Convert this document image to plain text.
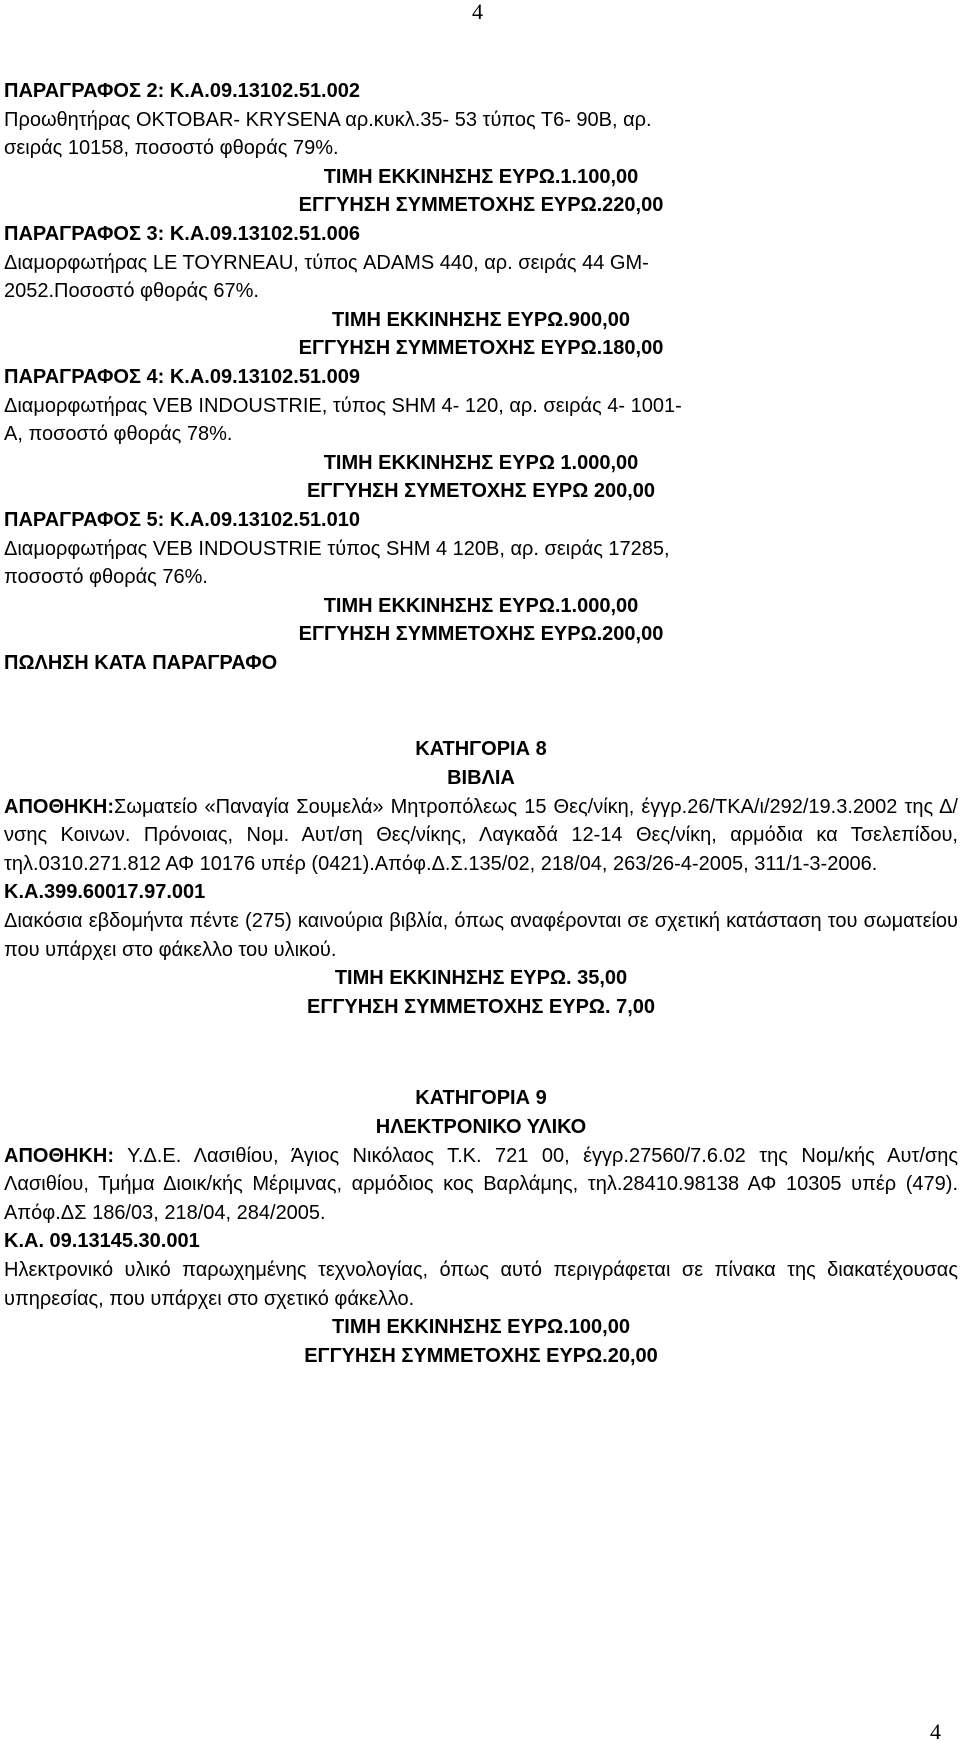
4
ΠΑΡΑΓΡΑΦΟΣ 2: Κ.Α.09.13102.51.002
Προωθητήρας OKTOBAR- KRYSENA αρ.κυκλ.35- 53 τύπος Τ6- 90Β, αρ.
σειράς 10158, ποσοστό φθοράς 79%.
ΤΙΜΗ ΕΚΚΙΝΗΣΗΣ ΕΥΡΩ.1.100,00
ΕΓΓΥΗΣΗ ΣΥΜΜΕΤΟΧΗΣ ΕΥΡΩ.220,00
ΠΑΡΑΓΡΑΦΟΣ 3: Κ.Α.09.13102.51.006
Διαμορφωτήρας LE TOYRNEAU, τύπος ADAMS 440, αρ. σειράς 44 GM-
2052.Ποσοστό φθοράς 67%.
ΤΙΜΗ ΕΚΚΙΝΗΣΗΣ ΕΥΡΩ.900,00
ΕΓΓΥΗΣΗ ΣΥΜΜΕΤΟΧΗΣ ΕΥΡΩ.180,00
ΠΑΡΑΓΡΑΦΟΣ 4: Κ.Α.09.13102.51.009
Διαμορφωτήρας VEB INDOUSTRIE, τύπος SHM 4- 120, αρ. σειράς 4- 1001-
A, ποσοστό φθοράς 78%.
ΤΙΜΗ ΕΚΚΙΝΗΣΗΣ ΕΥΡΩ 1.000,00
ΕΓΓΥΗΣΗ ΣΥΜΕΤΟΧΗΣ ΕΥΡΩ 200,00
ΠΑΡΑΓΡΑΦΟΣ 5: Κ.Α.09.13102.51.010
Διαμορφωτήρας VEB INDOUSTRIE τύπος SHM 4 120Β, αρ. σειράς 17285,
ποσοστό φθοράς 76%.
ΤΙΜΗ ΕΚΚΙΝΗΣΗΣ ΕΥΡΩ.1.000,00
ΕΓΓΥΗΣΗ ΣΥΜΜΕΤΟΧΗΣ ΕΥΡΩ.200,00
ΠΩΛΗΣΗ ΚΑΤΑ ΠΑΡΑΓΡΑΦΟ
ΚΑΤΗΓΟΡΙΑ 8
ΒΙΒΛΙΑ
ΑΠΟΘΗΚΗ:Σωματείο «Παναγία Σουμελά» Μητροπόλεως 15 Θες/νίκη, έγγρ.26/ΤΚΑ/ι/292/19.3.2002 της Δ/νσης Κοινων. Πρόνοιας, Νομ. Αυτ/ση Θες/νίκης, Λαγκαδά 12-14 Θες/νίκη, αρμόδια κα Τσελεπίδου, τηλ.0310.271.812 ΑΦ 10176 υπέρ (0421).Απόφ.Δ.Σ.135/02, 218/04, 263/26-4-2005, 311/1-3-2006.
Κ.Α.399.60017.97.001
Διακόσια εβδομήντα πέντε (275) καινούρια βιβλία, όπως αναφέρονται σε σχετική κατάσταση του σωματείου που υπάρχει στο φάκελλο του υλικού.
ΤΙΜΗ ΕΚΚΙΝΗΣΗΣ ΕΥΡΩ. 35,00
ΕΓΓΥΗΣΗ ΣΥΜΜΕΤΟΧΗΣ ΕΥΡΩ. 7,00
ΚΑΤΗΓΟΡΙΑ 9
ΗΛΕΚΤΡΟΝΙΚΟ ΥΛΙΚΟ
ΑΠΟΘΗΚΗ: Υ.Δ.Ε. Λασιθίου, Άγιος Νικόλαος Τ.Κ. 721 00, έγγρ.27560/7.6.02 της Νομ/κής Αυτ/σης Λασιθίου, Τμήμα Διοικ/κής Μέριμνας, αρμόδιος κος Βαρλάμης, τηλ.28410.98138 ΑΦ 10305 υπέρ (479). Απόφ.ΔΣ 186/03, 218/04, 284/2005.
Κ.Α. 09.13145.30.001
Ηλεκτρονικό υλικό παρωχημένης τεχνολογίας, όπως αυτό περιγράφεται σε πίνακα της διακατέχουσας υπηρεσίας, που υπάρχει στο σχετικό φάκελλο.
ΤΙΜΗ ΕΚΚΙΝΗΣΗΣ ΕΥΡΩ.100,00
ΕΓΓΥΗΣΗ ΣΥΜΜΕΤΟΧΗΣ ΕΥΡΩ.20,00
4
